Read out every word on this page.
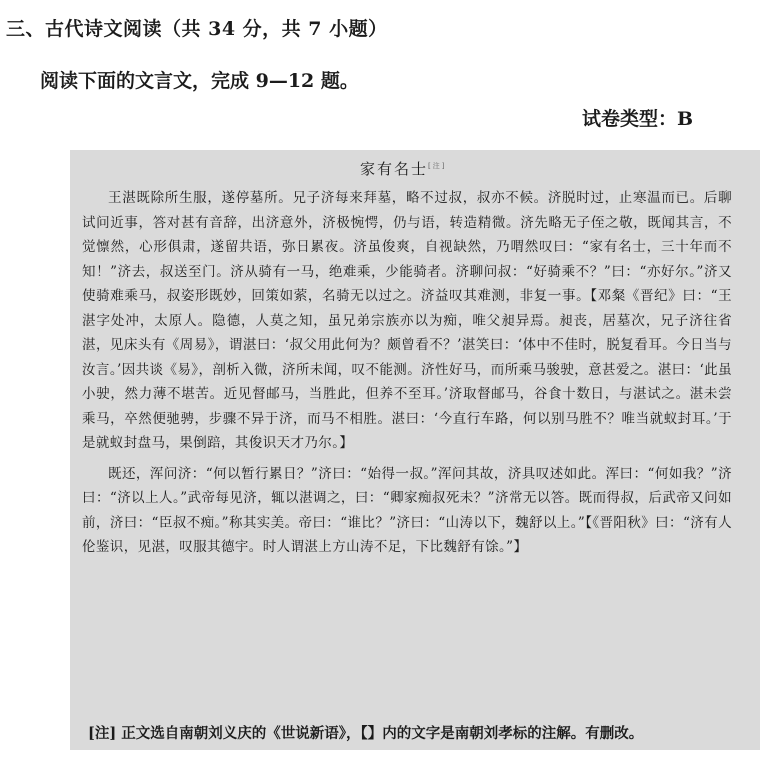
三、古代诗文阅读（共 34 分，共 7 小题）
阅读下面的文言文，完成 9—12 题。
试卷类型：B
家有名士[注]

王湛既除所生服，遂停墓所。兄子济每来拜墓，略不过叔，叔亦不候。济脱时过，止寒温而已。后聊试问近事，答对甚有音辞，出济意外，济极惋愕，仍与语，转造精微。济先略无子侄之敬，既闻其言，不觉懔然，心形俱肃，遂留共语，弥日累夜。济虽俊爽，自视缺然，乃喟然叹曰：“家有名士，三十年而不知！”济去，叔送至门。济从骑有一马，绝难乘，少能骑者。济聊问叔：“好骑乘不？”曰：“亦好尔。”济又使骑难乘马，叔姿形既妙，回策如萦，名骑无以过之。济益叹其难测，非复一事。【邓粲《晋纪》曰：“王湛字处冲，太原人。隐德，人莫之知，虽兄弟宗族亦以为痴，唯父昶异焉。昶丧，居墓次，兄子济往省湛，见床头有《周易》，谓湛曰：‘叔父用此何为？颇曾看不？’湛笑曰：‘体中不佳时，脱复看耳。今日当与汝言。’因共谈《易》，剖析入微，济所未闻，叹不能测。济性好马，而所乘马骏驶，意甚爱之。湛曰：‘此虽小驶，然力薄不堪苦。近见督邮马，当胜此，但养不至耳。’济取督邮马，谷食十数日，与湛试之。湛未尝乘马，卒然便驰骋，步骤不异于济，而马不相胜。湛曰：‘今直行车路，何以别马胜不？唯当就蚁封耳。’于是就蚁封盘马，果倒踣，其俊识天才乃尔。】

既还，浑问济：“何以暂行累日？”济曰：“始得一叔。”浑问其故，济具叹述如此。浑曰：“何如我？”济曰：“济以上人。”武帝每见济，辄以湛调之，曰：“卿家痴叔死未？”济常无以答。既而得叔，后武帝又问如前，济曰：“臣叔不痴。”称其实美。帝曰：“谁比？”济曰：“山涛以下，魏舒以上。”【《晋阳秋》曰：“济有人伦鉴识，见湛，叹服其德宇。时人谓湛上方山涛不足，下比魏舒有馀。”】

[注] 正文选自南朝刘义庆的《世说新语》，【】内的文字是南朝刘孝标的注解。有删改。
